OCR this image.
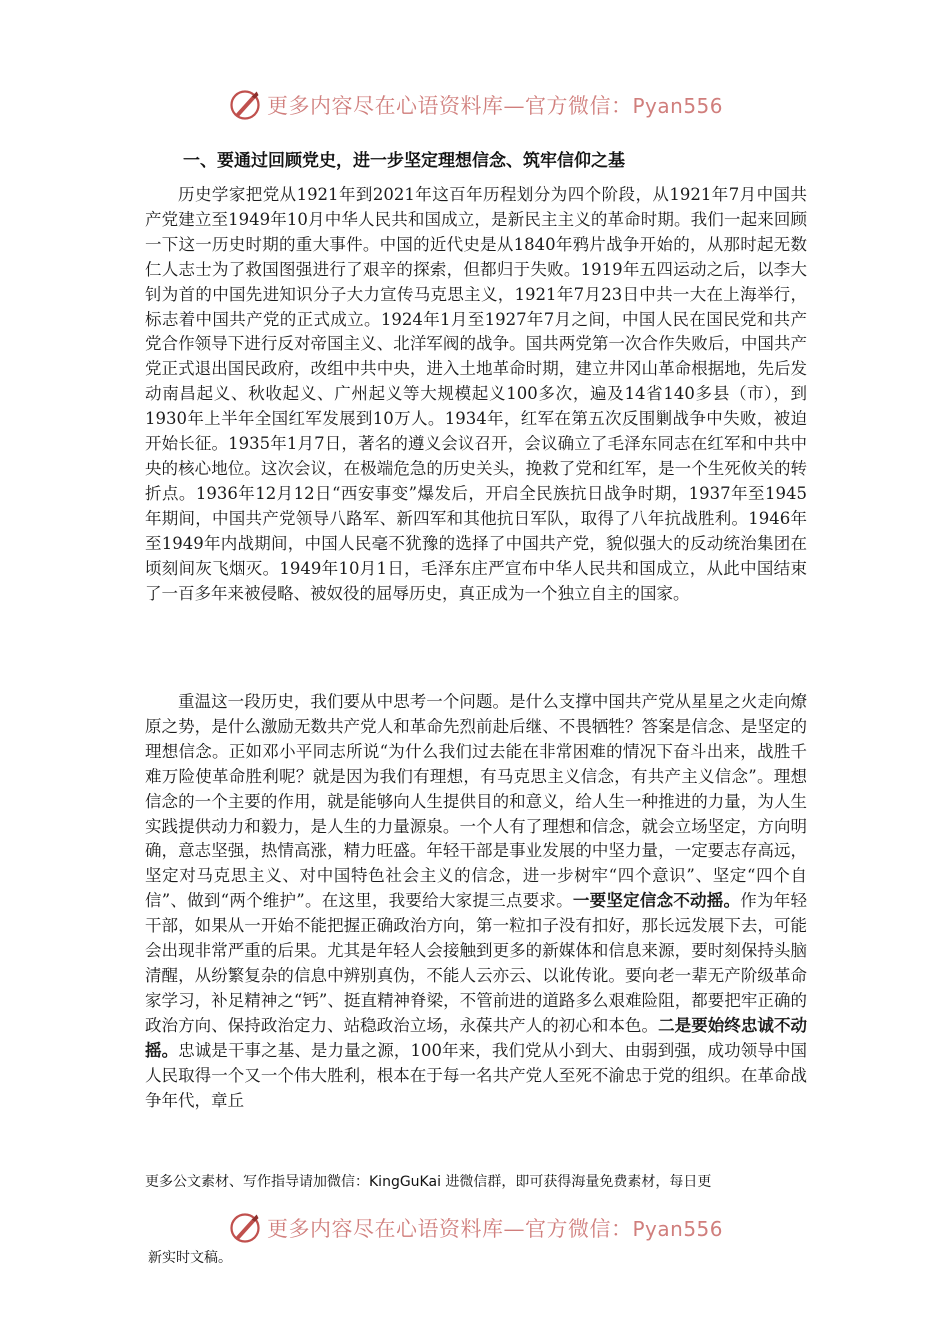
更多内容尽在心语资料库—官方微信：Pyan556
一、要通过回顾党史，进一步坚定理想信念、筑牢信仰之基

历史学家把党从1921年到2021年这百年历程划分为四个阶段，从1921年7月中国共产党建立至1949年10月中华人民共和国成立，是新民主主义的革命时期。我们一起来回顾一下这一历史时期的重大事件。中国的近代史是从1840年鸦片战争开始的，从那时起无数仁人志士为了救国图强进行了艰辛的探索，但都归于失败。1919年五四运动之后，以李大钊为首的中国先进知识分子大力宣传马克思主义，1921年7月23日中共一大在上海举行，标志着中国共产党的正式成立。1924年1月至1927年7月之间，中国人民在国民党和共产党合作领导下进行反对帝国主义、北洋军阀的战争。国共两党第一次合作失败后，中国共产党正式退出国民政府，改组中共中央，进入土地革命时期，建立井冈山革命根据地，先后发动南昌起义、秋收起义、广州起义等大规模起义100多次，遍及14省140多县（市），到1930年上半年全国红军发展到10万人。1934年，红军在第五次反围剿战争中失败，被迫开始长征。1935年1月7日，著名的遵义会议召开，会议确立了毛泽东同志在红军和中共中央的核心地位。这次会议，在极端危急的历史关头，挽救了党和红军，是一个生死攸关的转折点。1936年12月12日“西安事变”爆发后，开启全民族抗日战争时期，1937年至1945年期间，中国共产党领导八路军、新四军和其他抗日军队，取得了八年抗战胜利。1946年至1949年内战期间，中国人民毫不犹豫的选择了中国共产党，貌似强大的反动统治集团在顷刻间灰飞烟灭。1949年10月1日，毛泽东庄严宣布中华人民共和国成立，从此中国结束了一百多年来被侵略、被奴役的屈辱历史，真正成为一个独立自主的国家。

重温这一段历史，我们要从中思考一个问题。是什么支撑中国共产党从星星之火走向燎原之势，是什么激励无数共产党人和革命先烈前赴后继、不畏牺牲？答案是信念、是坚定的理想信念。正如邓小平同志所说“为什么我们过去能在非常困难的情况下奋斗出来，战胜千难万险使革命胜利呢？就是因为我们有理想，有马克思主义信念，有共产主义信念”。理想信念的一个主要的作用，就是能够向人生提供目的和意义，给人生一种推进的力量，为人生实践提供动力和毅力，是人生的力量源泉。一个人有了理想和信念，就会立场坚定，方向明确，意志坚强，热情高涨，精力旺盛。年轻干部是事业发展的中坚力量，一定要志存高远，坚定对马克思主义、对中国特色社会主义的信念，进一步树牢“四个意识”、坚定“四个自信”、做到“两个维护”。在这里，我要给大家提三点要求。一要坚定信念不动摇。作为年轻干部，如果从一开始不能把握正确政治方向，第一粒扣子没有扣好，那长远发展下去，可能会出现非常严重的后果。尤其是年轻人会接触到更多的新媒体和信息来源，要时刻保持头脑清醒，从纷繁复杂的信息中辨别真伪，不能人云亦云、以讹传讹。要向老一辈无产阶级革命家学习，补足精神之“钙”、挺直精神脊梁，不管前进的道路多么艰难险阻，都要把牢正确的政治方向、保持政治定力、站稳政治立场，永葆共产人的初心和本色。二是要始终忠诚不动摇。忠诚是干事之基、是力量之源，100年来，我们党从小到大、由弱到强，成功领导中国人民取得一个又一个伟大胜利，根本在于每一名共产党人至死不渝忠于党的组织。在革命战争年代，章丘

更多公文素材、写作指导请加微信：KingGuKai 进微信群，即可获得海量免费素材，每日更
更多内容尽在心语资料库—官方微信：Pyan556
新实时文稿。
